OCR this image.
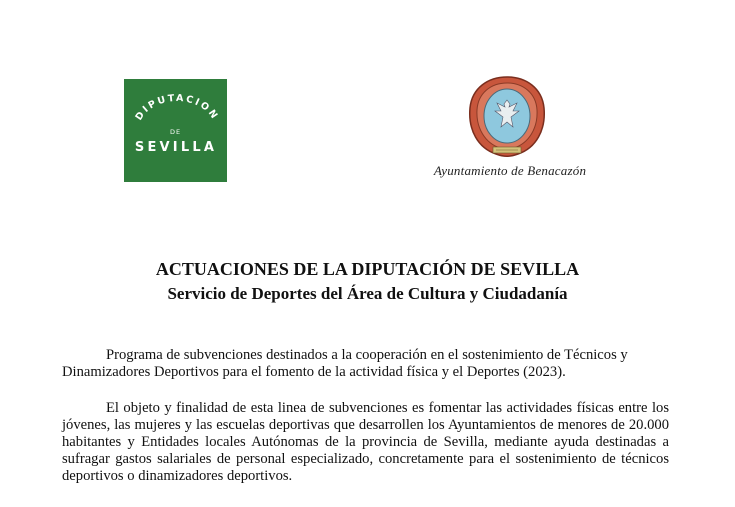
DIPUTACION
DE
SEVILLA
Ayuntamiento de Benacazón
ACTUACIONES DE LA DIPUTACIÓN DE SEVILLA
Servicio de Deportes del Área de Cultura y Ciudadanía

Programa de subvenciones destinados a la cooperación en el sostenimiento de Técnicos y Dinamizadores Deportivos para el fomento de la actividad física y el Deportes (2023).

El objeto y finalidad de esta linea de subvenciones es fomentar las actividades físicas entre los jóvenes, las mujeres y las escuelas deportivas que desarrollen los Ayuntamientos de menores de 20.000 habitantes y Entidades locales Autónomas de la provincia de Sevilla, mediante ayuda destinadas a sufragar gastos salariales de personal especializado, concretamente para el sostenimiento de técnicos deportivos o dinamizadores deportivos.
